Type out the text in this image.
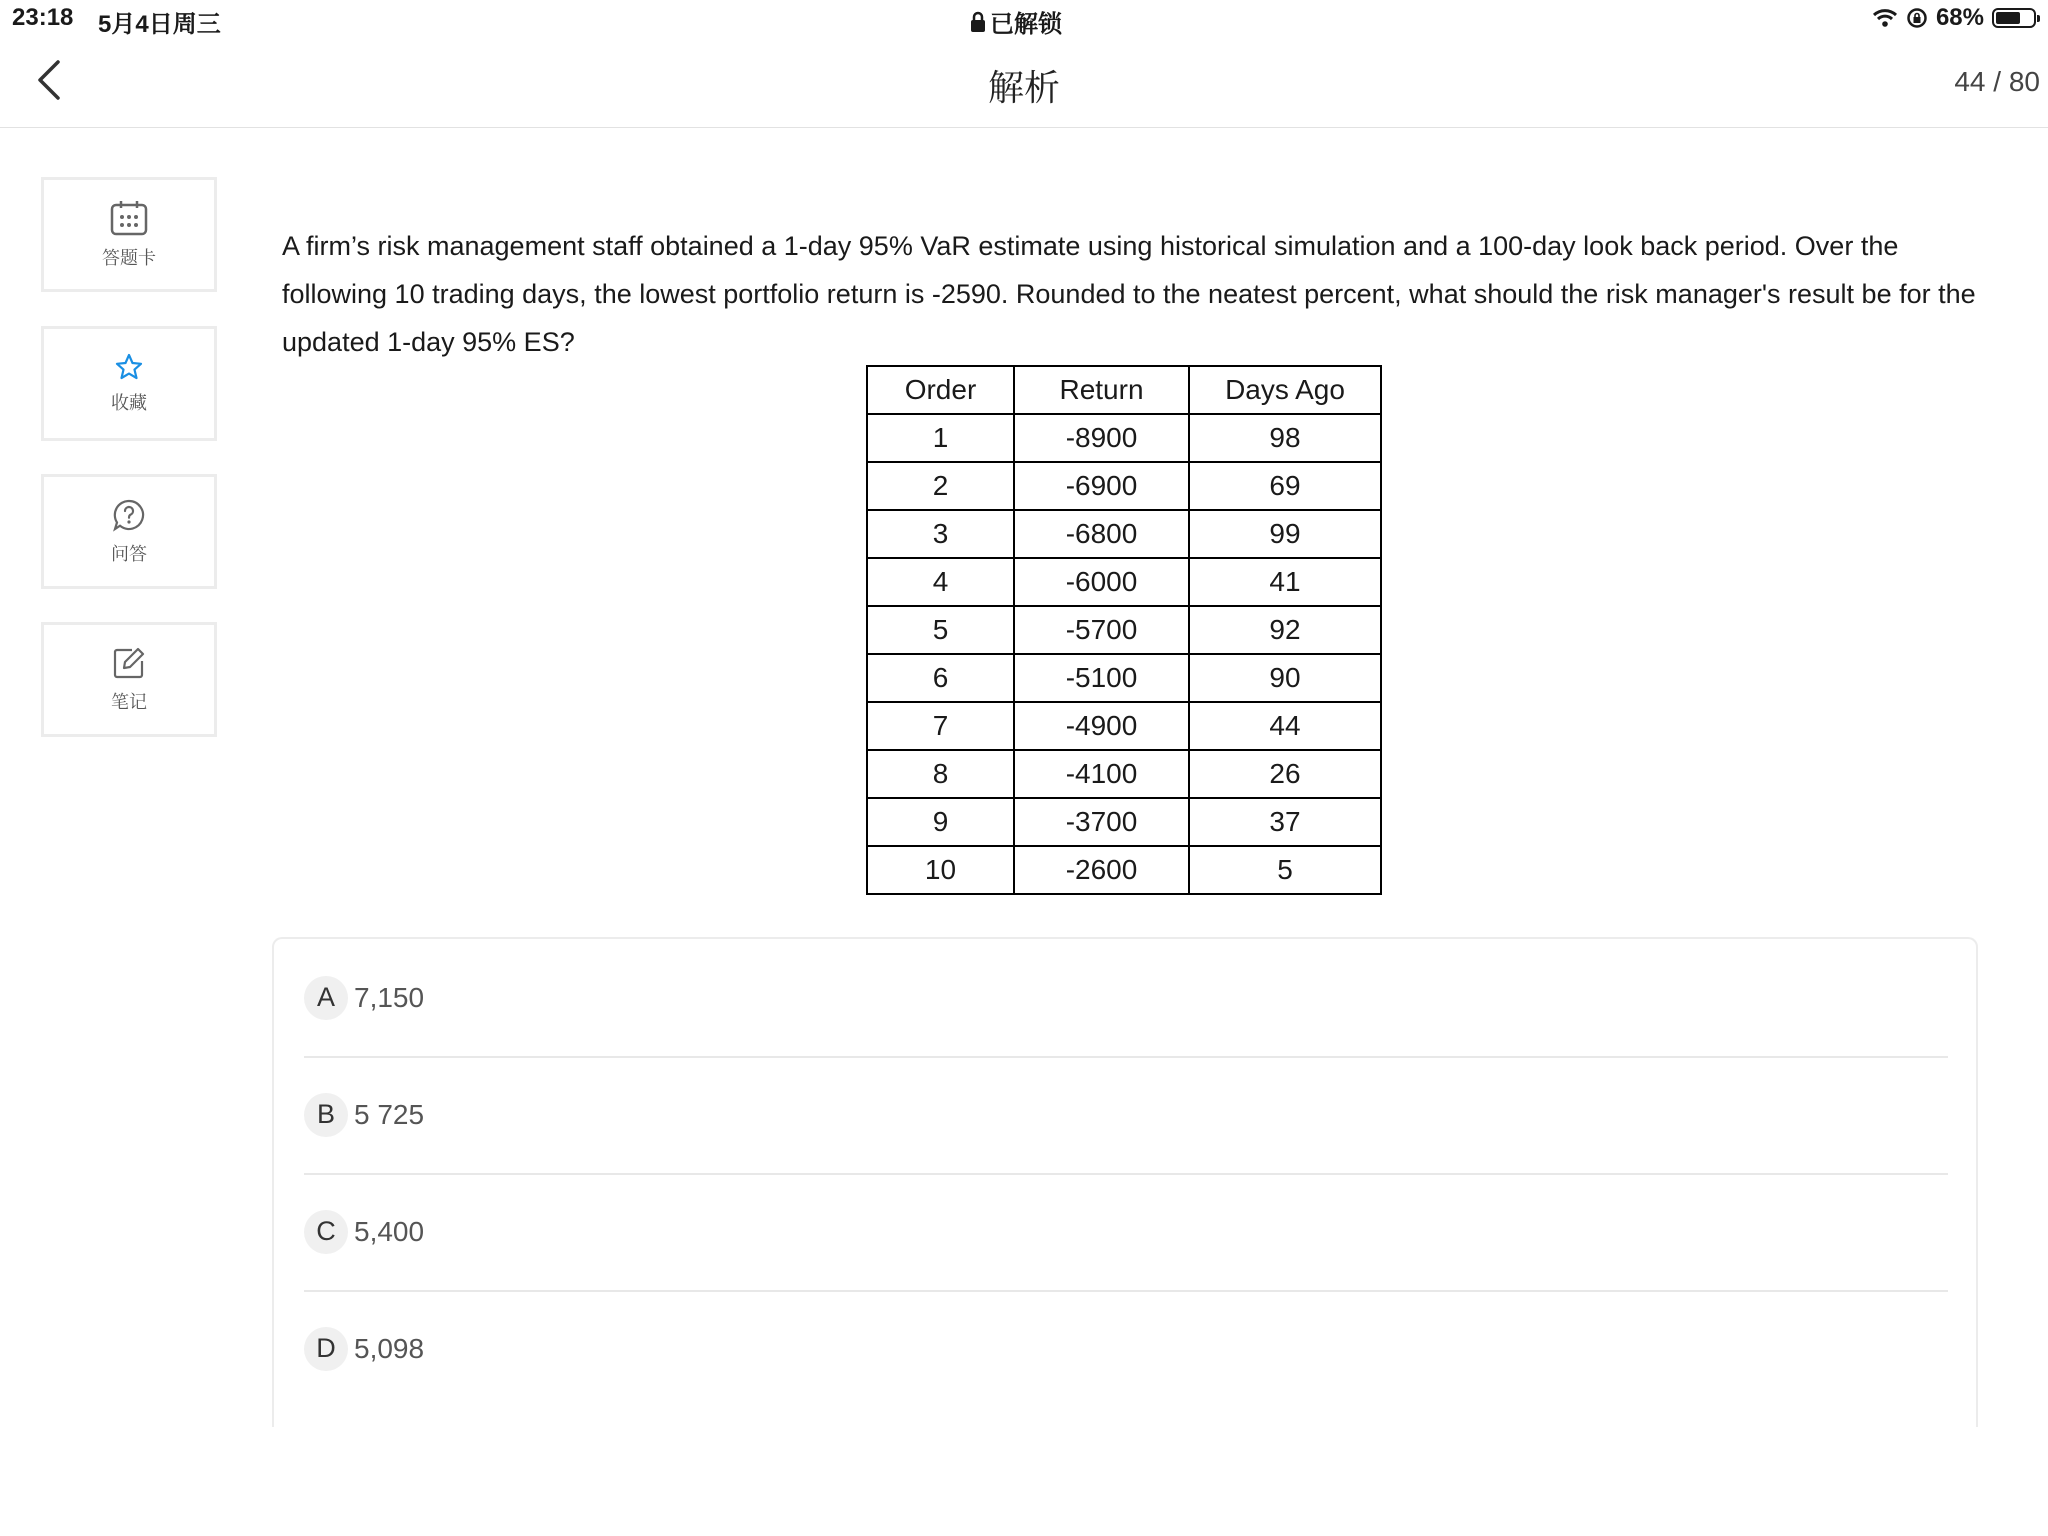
23:18 5月4日周三	已解锁	68%
解析	44 / 80
答题卡
收藏
问答
笔记
A firm’s risk management staff obtained a 1-day 95% VaR estimate using historical simulation and a 100-day look back period. Over the following 10 trading days, the lowest portfolio return is -2590. Rounded to the neatest percent, what should the risk manager's result be for the updated 1-day 95% ES?
Order	Return	Days Ago
1	-8900	98
2	-6900	69
3	-6800	99
4	-6000	41
5	-5700	92
6	-5100	90
7	-4900	44
8	-4100	26
9	-3700	37
10	-2600	5
A 7,150
B 5 725
C 5,400
D 5,098
